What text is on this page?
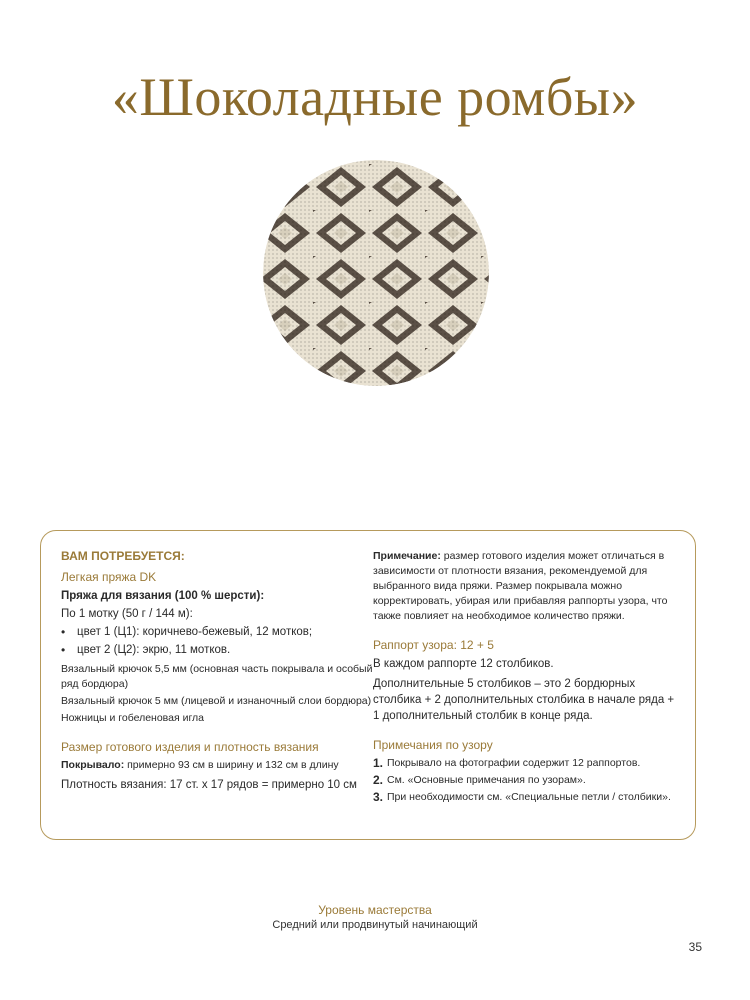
«Шоколадные ромбы»

ВАМ ПОТРЕБУЕТСЯ:

Легкая пряжа DK

Пряжа для вязания (100 % шерсти):

По 1 мотку (50 г / 144 м):

•	цвет 1 (Ц1): коричнево-бежевый, 12 мотков;
•	цвет 2 (Ц2): экрю, 11 мотков.

Вязальный крючок 5,5 мм (основная часть покрывала и особый ряд бордюра)

Вязальный крючок 5 мм (лицевой и изнаночный слои бордюра)

Ножницы и гобеленовая игла

Размер готового изделия и плотность вязания

Покрывало: примерно 93 см в ширину и 132 см в длину

Плотность вязания: 17 ст. х 17 рядов = примерно 10 см

Примечание: размер готового изделия может отличаться в зависимости от плотности вязания, рекомендуемой для выбранного вида пряжи. Размер покрывала можно корректировать, убирая или прибавляя раппорты узора, что также повлияет на необходимое количество пряжи.

Раппорт узора: 12 + 5

В каждом раппорте 12 столбиков.

Дополнительные 5 столбиков – это 2 бордюрных столбика + 2 дополнительных столбика в начале ряда + 1 дополнительный столбик в конце ряда.

Примечания по узору

1. Покрывало на фотографии содержит 12 раппортов.
2. См. «Основные примечания по узорам».
3. При необходимости см. «Специальные петли / столбики».
Уровень мастерства
Средний или продвинутый начинающий
35
